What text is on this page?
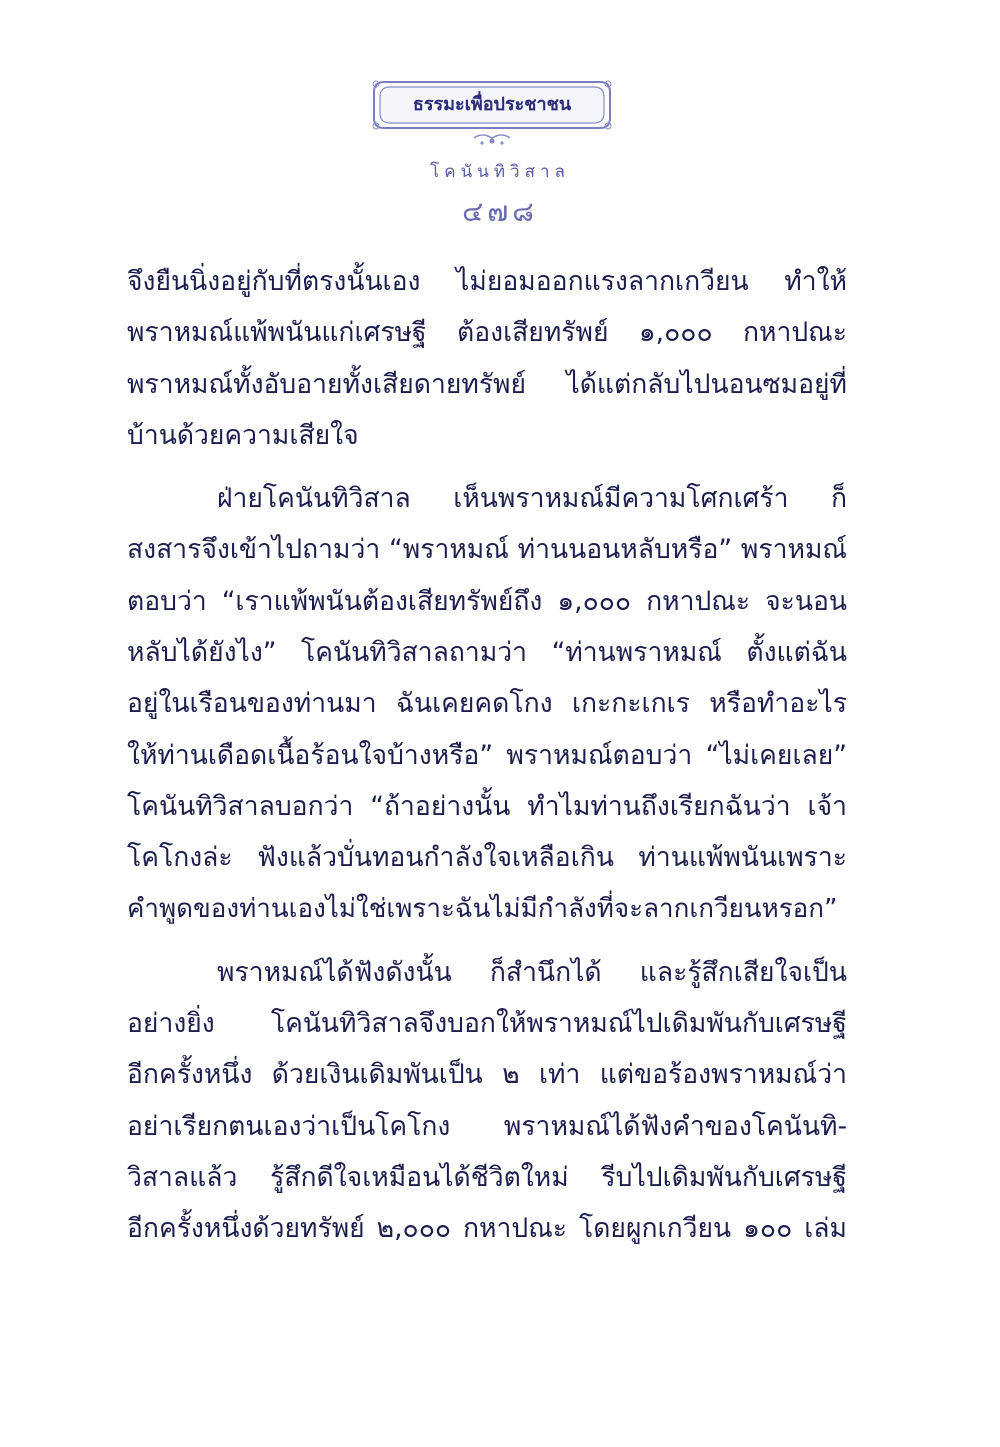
ธรรมะเพื่อประชาชน
โคนันทิวิสาล
๔๗๘
จึงยืนนิ่งอยู่กับที่ตรงนั้นเอง ไม่ยอมออกแรงลากเกวียน ทำให้
พราหมณ์แพ้พนันแก่เศรษฐี ต้องเสียทรัพย์ ๑,๐๐๐ กหาปณะ
พราหมณ์ทั้งอับอายทั้งเสียดายทรัพย์ ได้แต่กลับไปนอนซมอยู่ที่
บ้านด้วยความเสียใจ
ฝ่ายโคนันทิวิสาล เห็นพราหมณ์มีความโศกเศร้า ก็
สงสารจึงเข้าไปถามว่า “พราหมณ์ ท่านนอนหลับหรือ” พราหมณ์
ตอบว่า “เราแพ้พนันต้องเสียทรัพย์ถึง ๑,๐๐๐ กหาปณะ จะนอน
หลับได้ยังไง” โคนันทิวิสาลถามว่า “ท่านพราหมณ์ ตั้งแต่ฉัน
อยู่ในเรือนของท่านมา ฉันเคยคดโกง เกะกะเกเร หรือทำอะไร
ให้ท่านเดือดเนื้อร้อนใจบ้างหรือ” พราหมณ์ตอบว่า “ไม่เคยเลย”
โคนันทิวิสาลบอกว่า “ถ้าอย่างนั้น ทำไมท่านถึงเรียกฉันว่า เจ้า
โคโกงล่ะ ฟังแล้วบั่นทอนกำลังใจเหลือเกิน ท่านแพ้พนันเพราะ
คำพูดของท่านเองไม่ใช่เพราะฉันไม่มีกำลังที่จะลากเกวียนหรอก”
พราหมณ์ได้ฟังดังนั้น ก็สำนึกได้ และรู้สึกเสียใจเป็น
อย่างยิ่ง โคนันทิวิสาลจึงบอกให้พราหมณ์ไปเดิมพันกับเศรษฐี
อีกครั้งหนึ่ง ด้วยเงินเดิมพันเป็น ๒ เท่า แต่ขอร้องพราหมณ์ว่า
อย่าเรียกตนเองว่าเป็นโคโกง พราหมณ์ได้ฟังคำของโคนันทิ-
วิสาลแล้ว รู้สึกดีใจเหมือนได้ชีวิตใหม่ รีบไปเดิมพันกับเศรษฐี
อีกครั้งหนึ่งด้วยทรัพย์ ๒,๐๐๐ กหาปณะ โดยผูกเกวียน ๑๐๐ เล่ม
